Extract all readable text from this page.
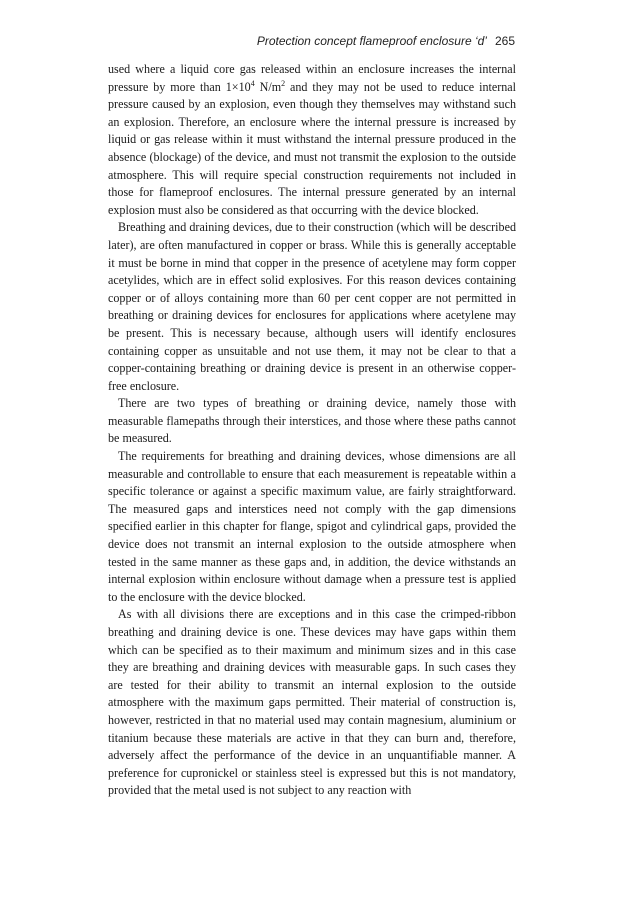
Protection concept flameproof enclosure ‘d’ 265

used where a liquid core gas released within an enclosure increases the internal pressure by more than $1\times 10^4$ $N/m^2$ and they may not be used to reduce internal pressure caused by an explosion, even though they themselves may withstand such an explosion. Therefore, an enclosure where the internal pressure is increased by liquid or gas release within it must withstand the internal pressure produced in the absence (blockage) of the device, and must not transmit the explosion to the outside atmosphere. This will require special construction requirements not included in those for flameproof enclosures. The internal pressure generated by an internal explosion must also be considered as that occurring with the device blocked.

Breathing and draining devices, due to their construction (which will be described later), are often manufactured in copper or brass. While this is generally acceptable it must be borne in mind that copper in the presence of acetylene may form copper acetylides, which are in effect solid explosives. For this reason devices containing copper or of alloys containing more than 60 per cent copper are not permitted in breathing or draining devices for enclosures for applications where acetylene may be present. This is necessary because, although users will identify enclosures containing copper as unsuitable and not use them, it may not be clear to that a copper-containing breathing or draining device is present in an otherwise copper-free enclosure.

There are two types of breathing or draining device, namely those with measurable flamepaths through their interstices, and those where these paths cannot be measured.

The requirements for breathing and draining devices, whose dimensions are all measurable and controllable to ensure that each measurement is repeatable within a specific tolerance or against a specific maximum value, are fairly straightforward. The measured gaps and interstices need not comply with the gap dimensions specified earlier in this chapter for flange, spigot and cylindrical gaps, provided the device does not transmit an internal explosion to the outside atmosphere when tested in the same manner as these gaps and, in addition, the device withstands an internal explosion within enclosure without damage when a pressure test is applied to the enclosure with the device blocked.

As with all divisions there are exceptions and in this case the crimped-ribbon breathing and draining device is one. These devices may have gaps within them which can be specified as to their maximum and minimum sizes and in this case they are breathing and draining devices with measurable gaps. In such cases they are tested for their ability to transmit an internal explosion to the outside atmosphere with the maximum gaps permitted. Their material of construction is, however, restricted in that no material used may contain magnesium, aluminium or titanium because these materials are active in that they can burn and, therefore, adversely affect the performance of the device in an unquantifiable manner. A preference for cupronickel or stainless steel is expressed but this is not mandatory, provided that the metal used is not subject to any reaction with
